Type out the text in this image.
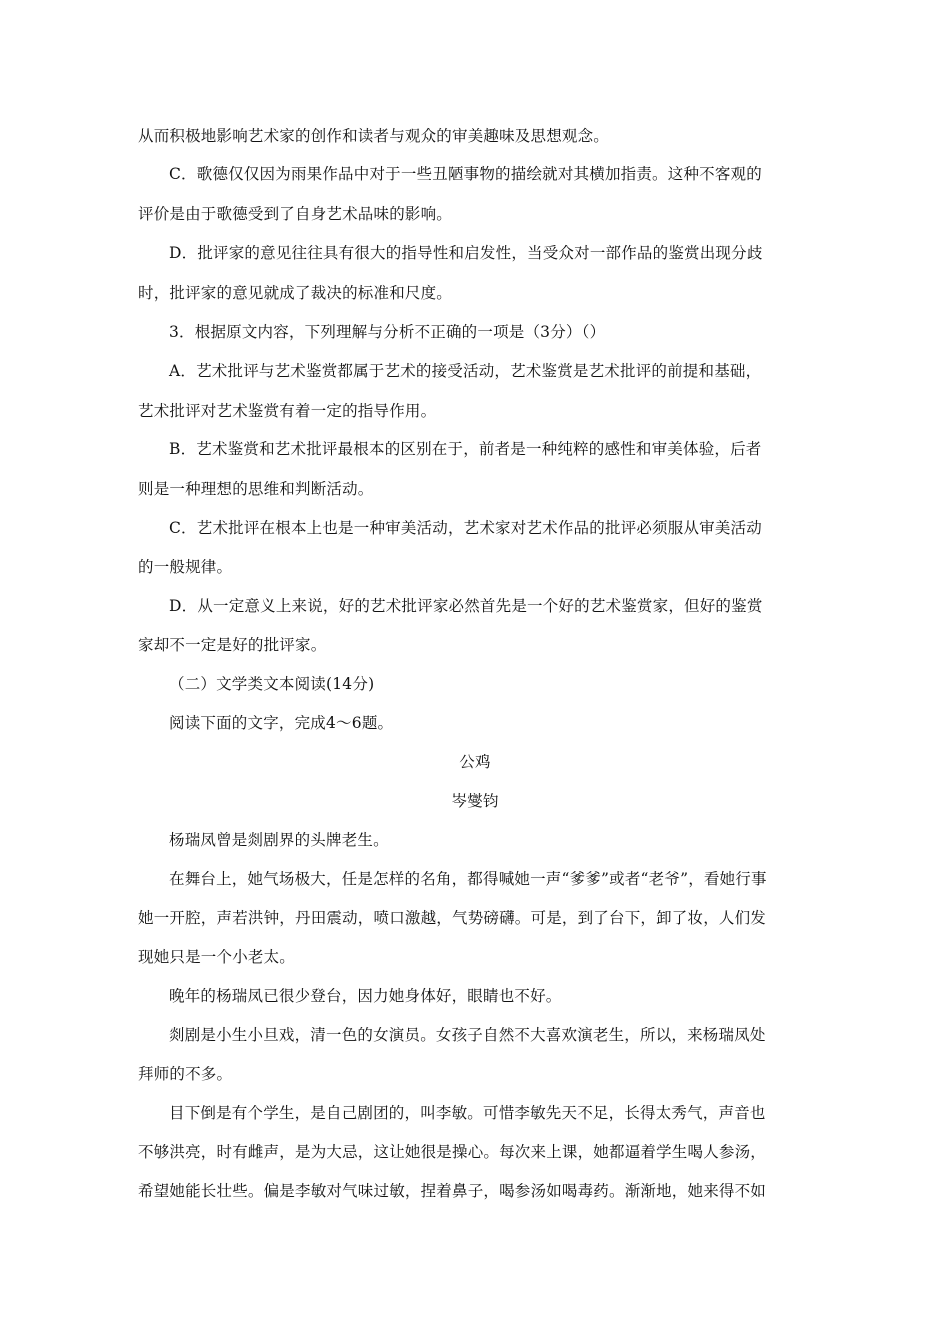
从而积极地影响艺术家的创作和读者与观众的审美趣味及思想观念。
C．歌德仅仅因为雨果作品中对于一些丑陋事物的描绘就对其横加指责。这种不客观的
评价是由于歌德受到了自身艺术品味的影响。
D．批评家的意见往往具有很大的指导性和启发性，当受众对一部作品的鉴赏出现分歧
时，批评家的意见就成了裁决的标准和尺度。
3．根据原文内容，下列理解与分析不正确的一项是（3分）（）
A．艺术批评与艺术鉴赏都属于艺术的接受活动，艺术鉴赏是艺术批评的前提和基础，
艺术批评对艺术鉴赏有着一定的指导作用。
B．艺术鉴赏和艺术批评最根本的区别在于，前者是一种纯粹的感性和审美体验，后者
则是一种理想的思维和判断活动。
C．艺术批评在根本上也是一种审美活动，艺术家对艺术作品的批评必须服从审美活动
的一般规律。
D．从一定意义上来说，好的艺术批评家必然首先是一个好的艺术鉴赏家，但好的鉴赏
家却不一定是好的批评家。
（二）文学类文本阅读(14分)
阅读下面的文字，完成4～6题。
公鸡
岑燮钧
杨瑞凤曾是剡剧界的头牌老生。
在舞台上，她气场极大，任是怎样的名角，都得喊她一声“爹爹”或者“老爷”，看她行事
她一开腔，声若洪钟，丹田震动，喷口激越，气势磅礴。可是，到了台下，卸了妆，人们发
现她只是一个小老太。
晚年的杨瑞凤已很少登台，因力她身体好，眼睛也不好。
剡剧是小生小旦戏，清一色的女演员。女孩子自然不大喜欢演老生，所以，来杨瑞凤处
拜师的不多。
目下倒是有个学生，是自己剧团的，叫李敏。可惜李敏先天不足，长得太秀气，声音也
不够洪亮，时有雌声，是为大忌，这让她很是操心。每次来上课，她都逼着学生喝人参汤，
希望她能长壮些。偏是李敏对气味过敏，捏着鼻子，喝参汤如喝毒药。渐渐地，她来得不如
